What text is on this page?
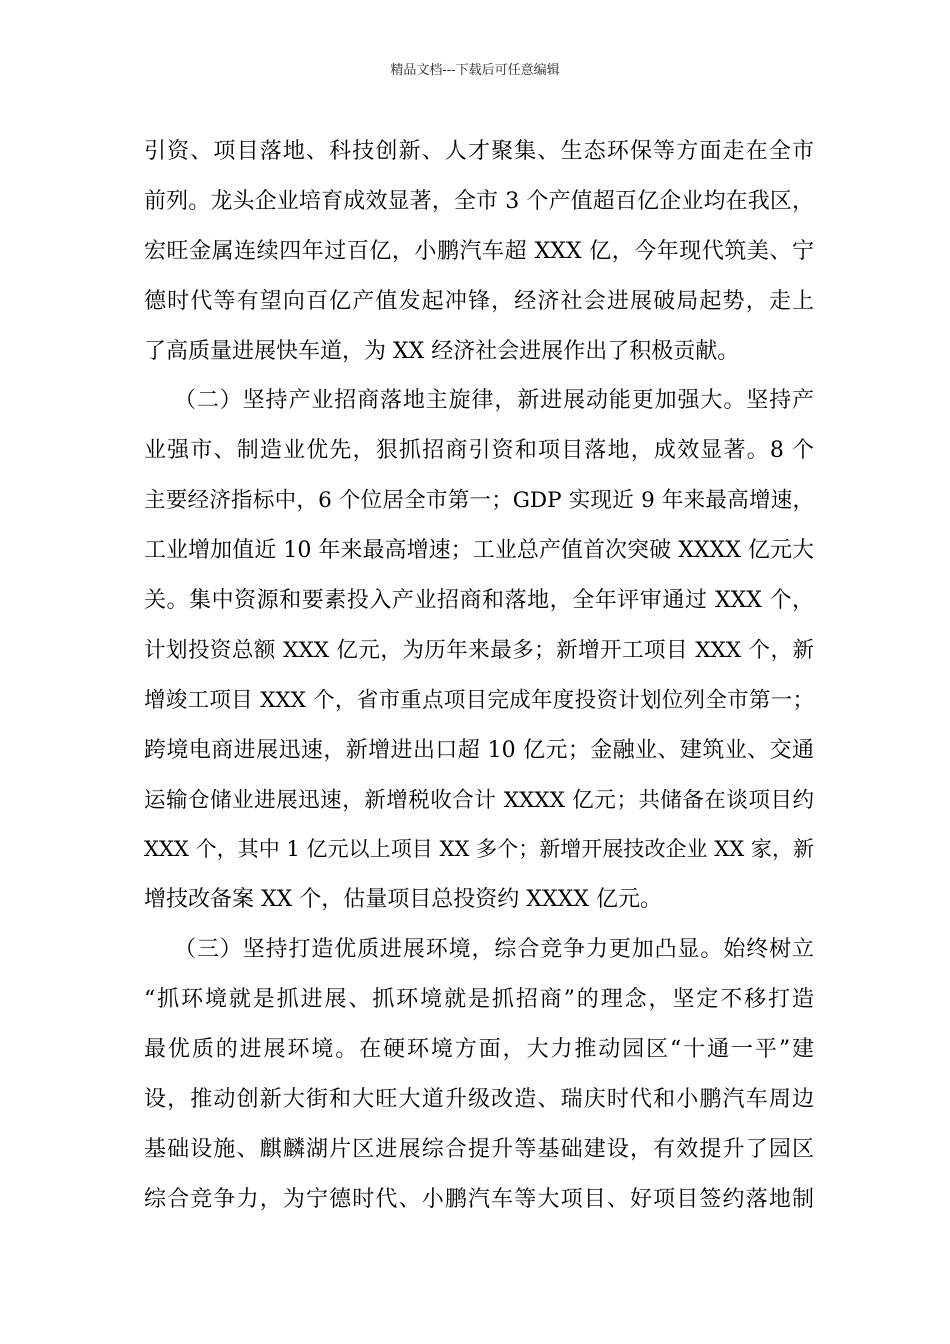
精品文档---下载后可任意编辑
引资、项目落地、科技创新、人才聚集、生态环保等方面走在全市
前列。龙头企业培育成效显著，全市 3 个产值超百亿企业均在我区，
宏旺金属连续四年过百亿，小鹏汽车超 XXX 亿，今年现代筑美、宁
德时代等有望向百亿产值发起冲锋，经济社会进展破局起势，走上
了高质量进展快车道，为 XX 经济社会进展作出了积极贡献。
（二）坚持产业招商落地主旋律，新进展动能更加强大。坚持产
业强市、制造业优先，狠抓招商引资和项目落地，成效显著。8 个
主要经济指标中，6 个位居全市第一；GDP 实现近 9 年来最高增速，
工业增加值近 10 年来最高增速；工业总产值首次突破 XXXX 亿元大
关。集中资源和要素投入产业招商和落地，全年评审通过 XXX 个，
计划投资总额 XXX 亿元，为历年来最多；新增开工项目 XXX 个，新
增竣工项目 XXX 个，省市重点项目完成年度投资计划位列全市第一；
跨境电商进展迅速，新增进出口超 10 亿元；金融业、建筑业、交通
运输仓储业进展迅速，新增税收合计 XXXX 亿元；共储备在谈项目约
XXX 个，其中 1 亿元以上项目 XX 多个；新增开展技改企业 XX 家，新
增技改备案 XX 个，估量项目总投资约 XXXX 亿元。
（三）坚持打造优质进展环境，综合竞争力更加凸显。始终树立
“抓环境就是抓进展、抓环境就是抓招商”的理念，坚定不移打造
最优质的进展环境。在硬环境方面，大力推动园区“十通一平”建
设，推动创新大街和大旺大道升级改造、瑞庆时代和小鹏汽车周边
基础设施、麒麟湖片区进展综合提升等基础建设，有效提升了园区
综合竞争力，为宁德时代、小鹏汽车等大项目、好项目签约落地制
